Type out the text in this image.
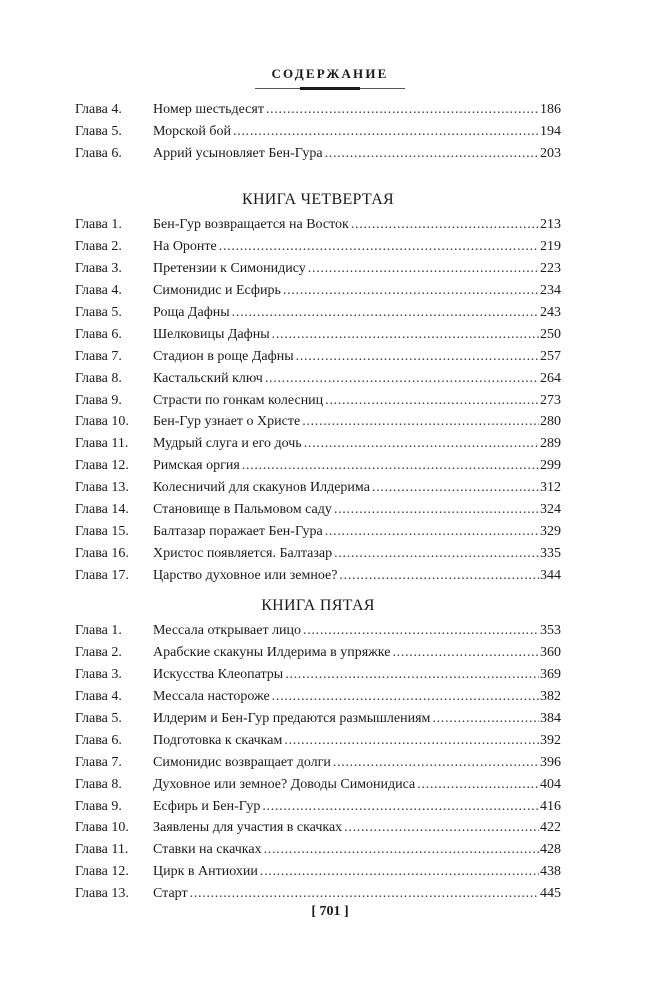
СОДЕРЖАНИЕ
Глава 4.	Номер шестьдесят . . .	186
Глава 5.	Морской бой . . .	194
Глава 6.	Аррий усыновляет Бен-Гура . . .	203
КНИГА ЧЕТВЕРТАЯ
Глава 1.	Бен-Гур возвращается на Восток . . .	213
Глава 2.	На Оронте . . .	219
Глава 3.	Претензии к Симонидису . . .	223
Глава 4.	Симонидис и Есфирь . . .	234
Глава 5.	Роща Дафны . . .	243
Глава 6.	Шелковицы Дафны . . .	250
Глава 7.	Стадион в роще Дафны . . .	257
Глава 8.	Кастальский ключ . . .	264
Глава 9.	Страсти по гонкам колесниц . . .	273
Глава 10.	Бен-Гур узнает о Христе . . .	280
Глава 11.	Мудрый слуга и его дочь . . .	289
Глава 12.	Римская оргия . . .	299
Глава 13.	Колесничий для скакунов Илдерима . . .	312
Глава 14.	Становище в Пальмовом саду . . .	324
Глава 15.	Балтазар поражает Бен-Гура . . .	329
Глава 16.	Христос появляется. Балтазар . . .	335
Глава 17.	Царство духовное или земное? . . .	344
КНИГА ПЯТАЯ
Глава 1.	Мессала открывает лицо . . .	353
Глава 2.	Арабские скакуны Илдерима в упряжке . . .	360
Глава 3.	Искусства Клеопатры . . .	369
Глава 4.	Мессала настороже . . .	382
Глава 5.	Илдерим и Бен-Гур предаются размышлениям . . .	384
Глава 6.	Подготовка к скачкам . . .	392
Глава 7.	Симонидис возвращает долги . . .	396
Глава 8.	Духовное или земное? Доводы Симонидиса . . .	404
Глава 9.	Есфирь и Бен-Гур . . .	416
Глава 10.	Заявлены для участия в скачках . . .	422
Глава 11.	Ставки на скачках . . .	428
Глава 12.	Цирк в Антиохии . . .	438
Глава 13.	Старт . . .	445
[ 701 ]
